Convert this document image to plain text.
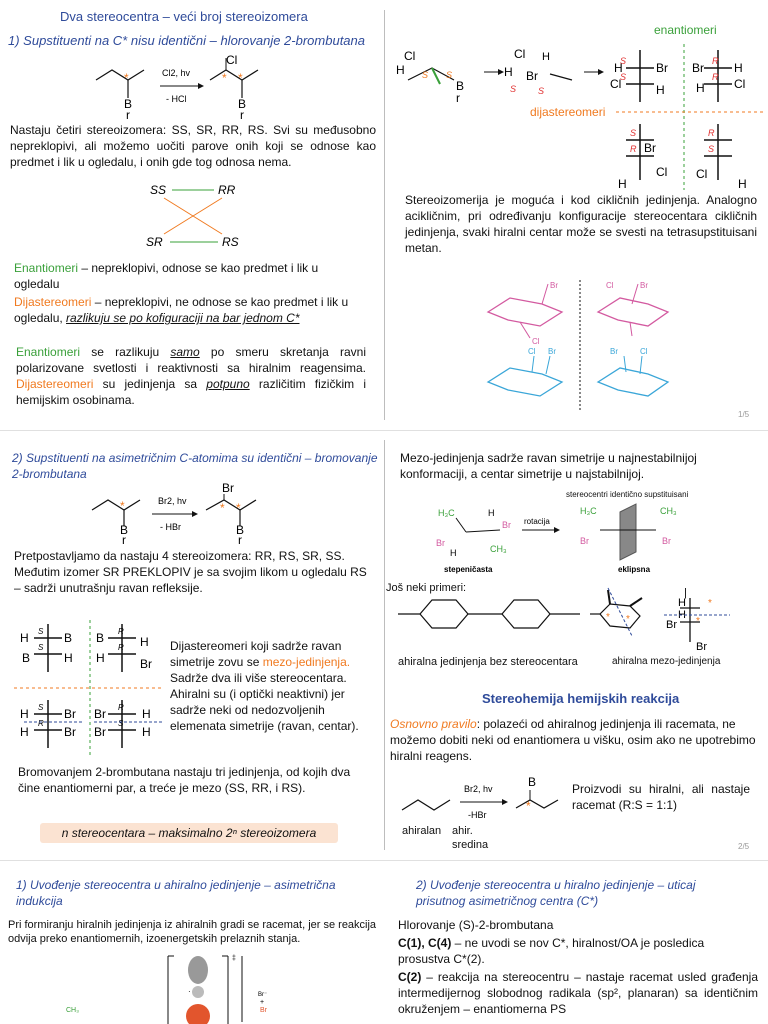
Dva stereocentra – veći broj stereoizomera
1) Supstituenti na C* nisu identični – hlorovanje 2-brombutana
B
r
*	Cl2, hv
- HCl
Cl
B
r
* *
Nastaju četiri stereoizomera: SS, SR, RR, RS. Svi su međusobno nepreklopivi, ali možemo uočiti parove onih koji se odnose kao predmet i lik u ogledalu, i onih gde tog odnosa nema.
SS	RR
SR	RS
Enantiomeri – nepreklopivi, odnose se kao predmet i lik u ogledalu
Dijastereomeri – nepreklopivi, ne odnose se kao predmet i lik u ogledalu, razlikuju se po kofiguraciji na bar jednom C*
Enantiomeri se razlikuju samo po smeru skretanja ravni polarizovane svetlosti i reaktivnosti sa hiralnim reagensima. Dijastereomeri su jedinjenja sa potpuno različitim fizičkim i hemijskim osobinama.
Cl
H S S
B
r
Cl H
H Br
S S
S
S
H	Br
Cl	H
R
R
Br	H
H Cl
S
R Br
H
Cl
R
S
Cl
H
enantiomeri
dijastereomeri
Stereoizomerija je moguća i kod cikličnih jedinjenja. Analogno acikličnim, pri određivanju konfiguracije stereocentara cikličnih jedinjenja, svaki hiralni centar može se svesti na tetrasupstituisani metan.
Br
Cl
Cl	Br
Cl Br	Br	Cl
1/5
2) Supstituenti na asimetričnim C-atomima su identični – bromovanje 2-brombutana
B
r
*	Br2, hv
- HBr
Br
B
r
* *
Pretpostavljamo da nastaju 4 stereoizomera: RR, RS, SR, SS. Međutim izomer SR PREKLOPIV je sa svojim likom u ogledalu RS – sadrži unutrašnju ravan refleksije.
S
S
H	B
B	H
R
R
B	H
H	Br
S
R
H	Br
H	Br
R
S
Br	H
Br	H
Dijastereomeri koji sadrže ravan simetrije zovu se mezo-jedinjenja. Sadrže dva ili više stereocentara. Ahiralni su (i optički neaktivni) jer sadrže neki od nedozvoljenih elemenata simetrije (ravan, centar).
Bromovanjem 2-brombutana nastaju tri jedinjenja, od kojih dva čine enantiomerni par, a treće je mezo (SS, RR, i RS).
n stereocentara – maksimalno 2ⁿ stereoizomera
Mezo-jedinjenja sadrže ravan simetrije u najnestabilnijoj konformaciji, a centar simetrije u najstabilnijoj.
stereocentri identično supstituisani
H₃C
Br
H
Br
CH₃
H
rotacija
stepeničasta
H₃C
Br
CH₃
Br
eklipsna
Još neki primeri:
* *
H
H
|
Br
Br
*
*
ahiralna jedinjenja bez stereocentara	ahiralna mezo-jedinjenja
Stereohemija hemijskih reakcija
Osnovno pravilo: polazeći od ahiralnog jedinjenja ili racemata, ne možemo dobiti neki od enantiomera u višku, osim ako ne upotrebimo hiralni reagens.
Br2, hv
-HBr
B
*
ahiralan ahir. sredina
Proizvodi su hiralni, ali nastaje racemat (R:S = 1:1)
2/5
1) Uvođenje stereocentra u ahiralno jedinjenje – asimetrična indukcija
Pri formiranju hiralnih jedinjenja iz ahiralnih gradi se racemat, jer se reakcija odvija preko enantiomernih, izoenergetskih prelaznih stanja.
CH₃
·
‡
Br⁻
+
Br
2) Uvođenje stereocentra u hiralno jedinjenje – uticaj prisutnog asimetričnog centra (C*)
Hlorovanje (S)-2-brombutana
C(1), C(4) – ne uvodi se nov C*, hiralnost/OA je posledica prosustva C*(2).
C(2) – reakcija na stereocentru – nastaje racemat usled građenja intermedijernog slobodnog radikala (sp², planaran) sa identičnim okruženjem – enantiomerna PS
